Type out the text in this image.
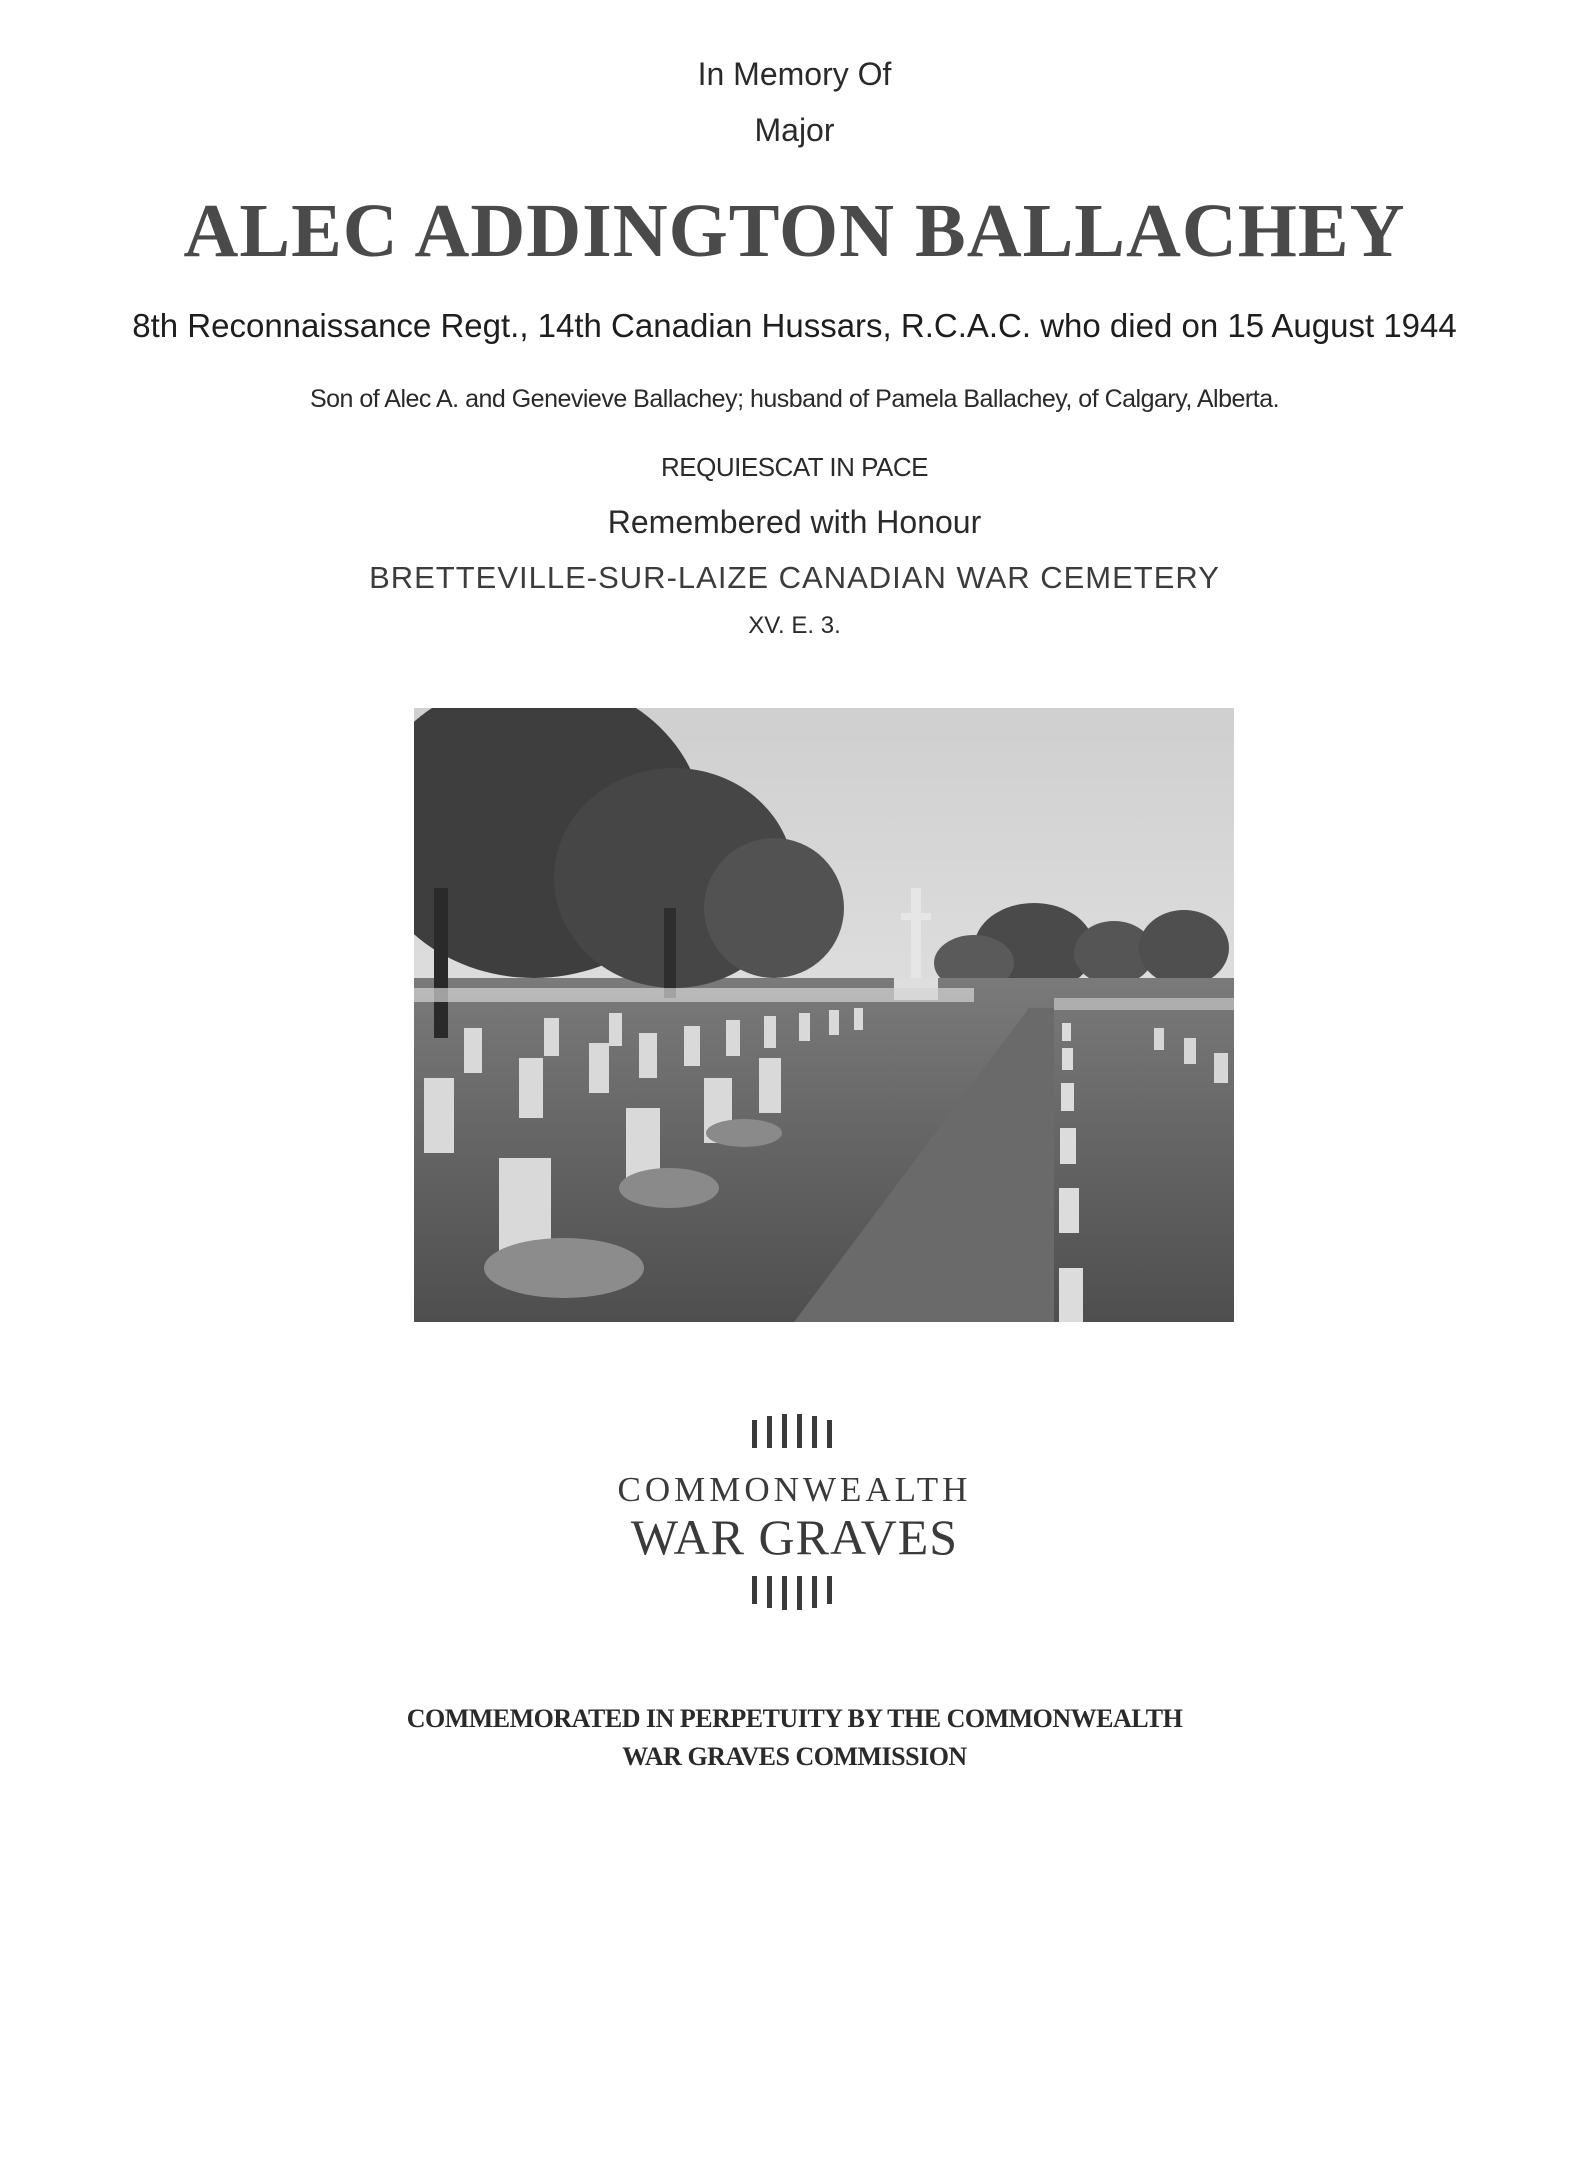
In Memory Of
Major
ALEC ADDINGTON BALLACHEY
8th Reconnaissance Regt., 14th Canadian Hussars, R.C.A.C. who died on 15 August 1944
Son of Alec A. and Genevieve Ballachey; husband of Pamela Ballachey, of Calgary, Alberta.
REQUIESCAT IN PACE
Remembered with Honour
BRETTEVILLE-SUR-LAIZE CANADIAN WAR CEMETERY
XV. E. 3.
COMMONWEALTH
WAR GRAVES
COMMEMORATED IN PERPETUITY BY THE COMMONWEALTH
WAR GRAVES COMMISSION
